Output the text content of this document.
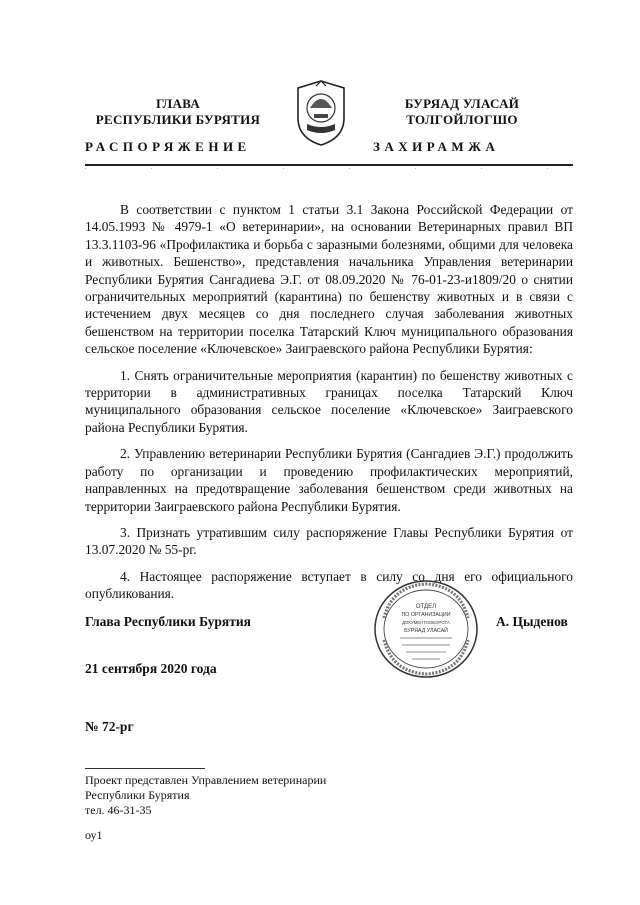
ГЛАВА
РЕСПУБЛИКИ БУРЯТИЯ
БУРЯАД УЛАСАЙ
ТОЛГОЙЛОГШО
РАСПОРЯЖЕНИЕ	ЗАХИРАМЖА

В соответствии с пунктом 1 статьи 3.1 Закона Российской Федерации от 14.05.1993 № 4979-1 «О ветеринарии», на основании Ветеринарных правил ВП 13.3.1103-96 «Профилактика и борьба с заразными болезнями, общими для человека и животных. Бешенство», представления начальника Управления ветеринарии Республики Бурятия Сангадиева Э.Г. от 08.09.2020 № 76-01-23-и1809/20 о снятии ограничительных мероприятий (карантина) по бешенству животных и в связи с истечением двух месяцев со дня последнего случая заболевания животных бешенством на территории поселка Татарский Ключ муниципального образования сельское поселение «Ключевское» Заиграевского района Республики Бурятия:

1. Снять ограничительные мероприятия (карантин) по бешенству животных с территории в административных границах поселка Татарский Ключ муниципального образования сельское поселение «Ключевское» Заиграевского района Республики Бурятия.

2. Управлению ветеринарии Республики Бурятия (Сангадиев Э.Г.) продолжить работу по организации и проведению профилактических мероприятий, направленных на предотвращение заболевания бешенством среди животных на территории Заиграевского района Республики Бурятия.

3. Признать утратившим силу распоряжение Главы Республики Бурятия от 13.07.2020 № 55-рг.

4. Настоящее распоряжение вступает в силу со дня его официального опубликования.

Глава Республики Бурятия
ОТДЕЛ
ПО ОРГАНИЗАЦИИ
ДОКУМЕНТООБОРОТА
БУРЯАД УЛАСАЙ
А. Цыденов
21 сентября 2020 года
№ 72-рг
Проект представлен Управлением ветеринарии
Республики Бурятия
тел. 46-31-35
оу1
